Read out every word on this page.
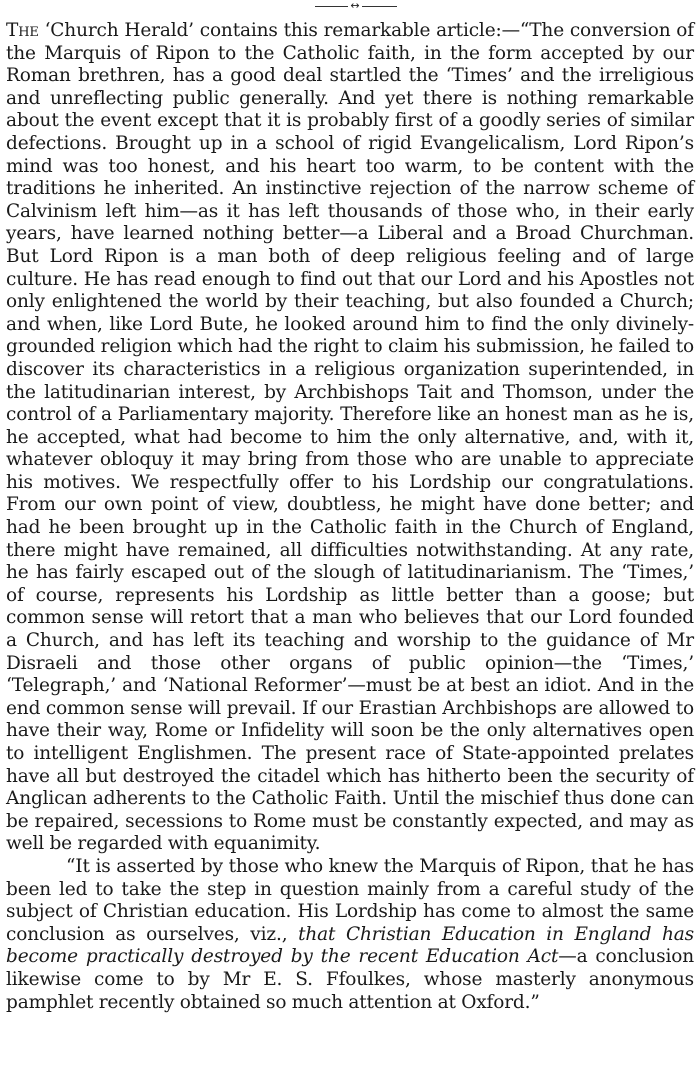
↔

The ‘Church Herald’ contains this remarkable article:—“The conversion of the Marquis of Ripon to the Catholic faith, in the form accepted by our Roman brethren, has a good deal startled the ‘Times’ and the irreligious and unreflecting public generally. And yet there is nothing remarkable about the event except that it is probably first of a goodly series of similar defections. Brought up in a school of rigid Evangelicalism, Lord Ripon’s mind was too honest, and his heart too warm, to be content with the traditions he inherited. An instinctive rejection of the narrow scheme of Calvinism left him—as it has left thousands of those who, in their early years, have learned nothing better—a Liberal and a Broad Churchman. But Lord Ripon is a man both of deep religious feeling and of large culture. He has read enough to find out that our Lord and his Apostles not only enlightened the world by their teaching, but also founded a Church; and when, like Lord Bute, he looked around him to find the only divinely-grounded religion which had the right to claim his submission, he failed to discover its characteristics in a religious organization superintended, in the latitudinarian interest, by Archbishops Tait and Thomson, under the control of a Parliamentary majority. Therefore like an honest man as he is, he accepted, what had become to him the only alternative, and, with it, whatever obloquy it may bring from those who are unable to appreciate his motives. We respectfully offer to his Lordship our congratulations. From our own point of view, doubtless, he might have done better; and had he been brought up in the Catholic faith in the Church of England, there might have remained, all difficulties notwithstanding. At any rate, he has fairly escaped out of the slough of latitudinarianism. The ‘Times,’ of course, represents his Lordship as little better than a goose; but common sense will retort that a man who believes that our Lord founded a Church, and has left its teaching and worship to the guidance of Mr Disraeli and those other organs of public opinion—the ‘Times,’ ‘Telegraph,’ and ‘National Reformer’—must be at best an idiot. And in the end common sense will prevail. If our Erastian Archbishops are allowed to have their way, Rome or Infidelity will soon be the only alternatives open to intelligent Englishmen. The present race of State-appointed prelates have all but destroyed the citadel which has hitherto been the security of Anglican adherents to the Catholic Faith. Until the mischief thus done can be repaired, secessions to Rome must be constantly expected, and may as well be regarded with equanimity.

“It is asserted by those who knew the Marquis of Ripon, that he has been led to take the step in question mainly from a careful study of the subject of Christian education. His Lordship has come to almost the same conclusion as ourselves, viz., that Christian Education in England has become practically destroyed by the recent Education Act—a conclusion likewise come to by Mr E. S. Ffoulkes, whose masterly anonymous pamphlet recently obtained so much attention at Oxford.”
